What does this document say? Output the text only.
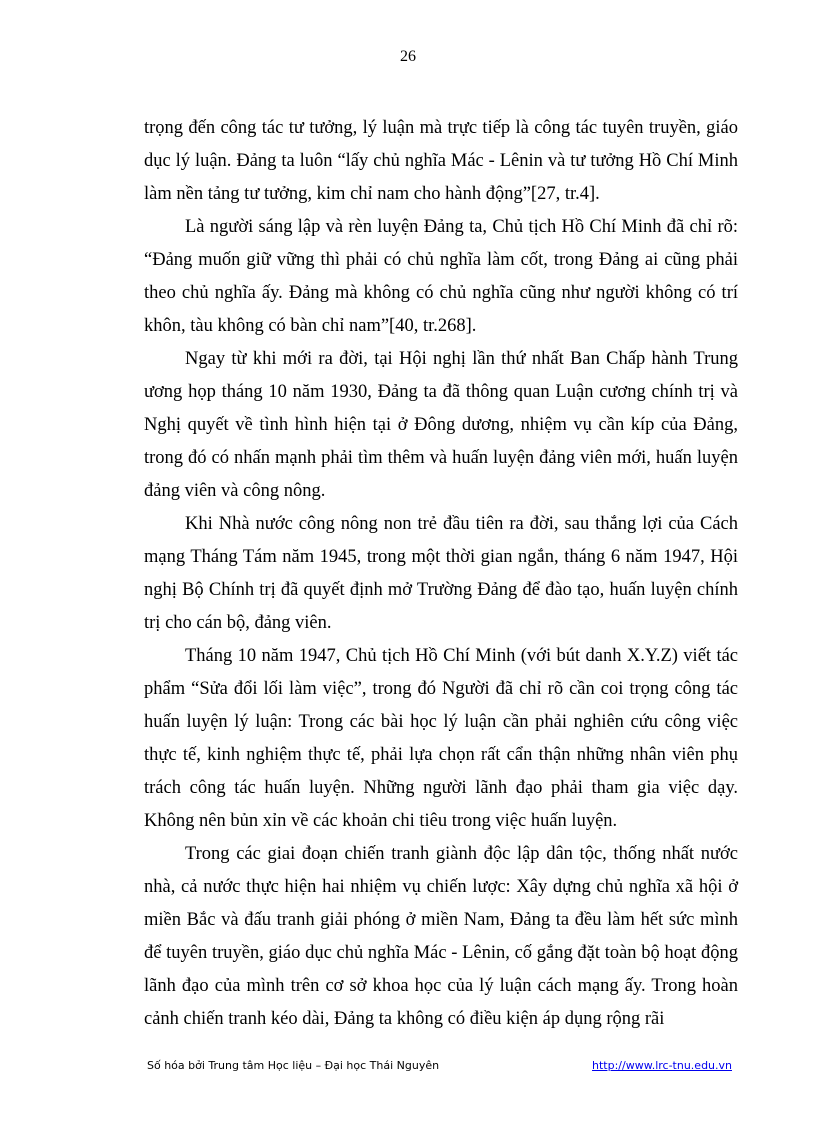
26

trọng đến công tác tư tưởng, lý luận mà trực tiếp là công tác tuyên truyền, giáo dục lý luận. Đảng ta luôn “lấy chủ nghĩa Mác - Lênin và tư tưởng Hồ Chí Minh làm nền tảng tư tưởng, kim chỉ nam cho hành động”[27, tr.4].

Là người sáng lập và rèn luyện Đảng ta, Chủ tịch Hồ Chí Minh đã chỉ rõ: “Đảng muốn giữ vững thì phải có chủ nghĩa làm cốt, trong Đảng ai cũng phải theo chủ nghĩa ấy. Đảng mà không có chủ nghĩa cũng như người không có trí khôn, tàu không có bàn chỉ nam”[40, tr.268].

Ngay từ khi mới ra đời, tại Hội nghị lần thứ nhất Ban Chấp hành Trung ương họp tháng 10 năm 1930, Đảng ta đã thông quan Luận cương chính trị và Nghị quyết về tình hình hiện tại ở Đông dương, nhiệm vụ cần kíp của Đảng, trong đó có nhấn mạnh phải tìm thêm và huấn luyện đảng viên mới, huấn luyện đảng viên và công nông.

Khi Nhà nước công nông non trẻ đầu tiên ra đời, sau thắng lợi của Cách mạng Tháng Tám năm 1945, trong một thời gian ngắn, tháng 6 năm 1947, Hội nghị Bộ Chính trị đã quyết định mở Trường Đảng để đào tạo, huấn luyện chính trị cho cán bộ, đảng viên.

Tháng 10 năm 1947, Chủ tịch Hồ Chí Minh (với bút danh X.Y.Z) viết tác phẩm “Sửa đổi lối làm việc”, trong đó Người đã chỉ rõ cần coi trọng công tác huấn luyện lý luận: Trong các bài học lý luận cần phải nghiên cứu công việc thực tế, kinh nghiệm thực tế, phải lựa chọn rất cẩn thận những nhân viên phụ trách công tác huấn luyện. Những người lãnh đạo phải tham gia việc dạy. Không nên bủn xỉn về các khoản chi tiêu trong việc huấn luyện.

Trong các giai đoạn chiến tranh giành độc lập dân tộc, thống nhất nước nhà, cả nước thực hiện hai nhiệm vụ chiến lược: Xây dựng chủ nghĩa xã hội ở miền Bắc và đấu tranh giải phóng ở miền Nam, Đảng ta đều làm hết sức mình để tuyên truyền, giáo dục chủ nghĩa Mác - Lênin, cố gắng đặt toàn bộ hoạt động lãnh đạo của mình trên cơ sở khoa học của lý luận cách mạng ấy. Trong hoàn cảnh chiến tranh kéo dài, Đảng ta không có điều kiện áp dụng rộng rãi

Số hóa bởi Trung tâm Học liệu – Đại học Thái Nguyên	http://www.lrc-tnu.edu.vn
